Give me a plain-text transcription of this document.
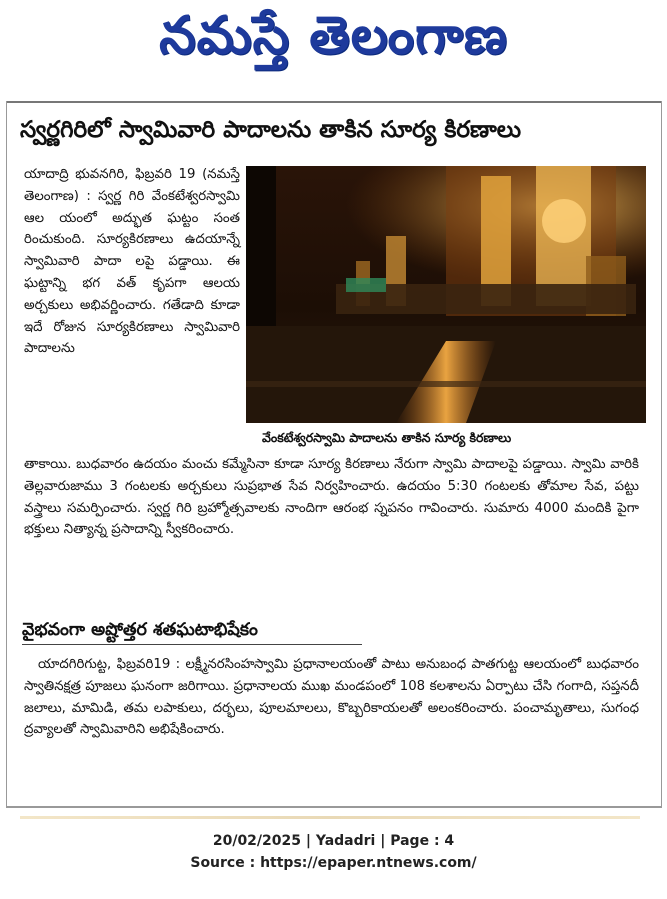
నమస్తే తెలంగాణ
స్వర్ణగిరిలో స్వామివారి పాదాలను తాకిన సూర్య కిరణాలు

యాదాద్రి భువనగిరి, ఫిబ్రవరి 19 (నమస్తే తెలంగాణ) : స్వర్ణ గిరి వేంకటేశ్వరస్వామి ఆల యంలో అద్భుత ఘట్టం సంత రించుకుంది. సూర్యకిరణాలు ఉదయాన్నే స్వామివారి పాదా లపై పడ్డాయి. ఈ ఘట్టాన్ని భగ వత్ కృపగా ఆలయ అర్చకులు అభివర్ణించారు. గతేడాది కూడా ఇదే రోజున సూర్యకిరణాలు స్వామివారి పాదాలను

వేంకటేశ్వరస్వామి పాదాలను తాకిన సూర్య కిరణాలు

తాకాయి. బుధవారం ఉదయం మంచు కమ్మేసినా కూడా సూర్య కిరణాలు నేరుగా స్వామి పాదాలపై పడ్డాయి. స్వామి వారికి తెల్లవారుజాము 3 గంటలకు అర్చకులు సుప్రభాత సేవ నిర్వహించారు. ఉదయం 5:30 గంటలకు తోమాల సేవ, పట్టు వస్త్రాలు సమర్పించారు. స్వర్ణ గిరి బ్రహ్మోత్సవాలకు నాందిగా ఆరంభ స్నపనం గావించారు. సుమారు 4000 మందికి పైగా భక్తులు నిత్యాన్న ప్రసాదాన్ని స్వీకరించారు.

వైభవంగా అష్టోత్తర శతఘటాభిషేకం

యాదగిరిగుట్ట, ఫిబ్రవరి19 : లక్ష్మీనరసింహస్వామి ప్రధానాలయంతో పాటు అనుబంధ పాతగుట్ట ఆలయంలో బుధవారం స్వాతినక్షత్ర పూజలు ఘనంగా జరిగాయి. ప్రధానాలయ ముఖ మండపంలో 108 కలశాలను ఏర్పాటు చేసి గంగాది, సప్తనదీ జలాలు, మామిడి, తమ లపాకులు, దర్భలు, పూలమాలలు, కొబ్బరికాయలతో అలంకరించారు. పంచామృతాలు, సుగంధ ద్రవ్యాలతో స్వామివారిని అభిషేకించారు.

20/02/2025 | Yadadri | Page : 4
Source : https://epaper.ntnews.com/
